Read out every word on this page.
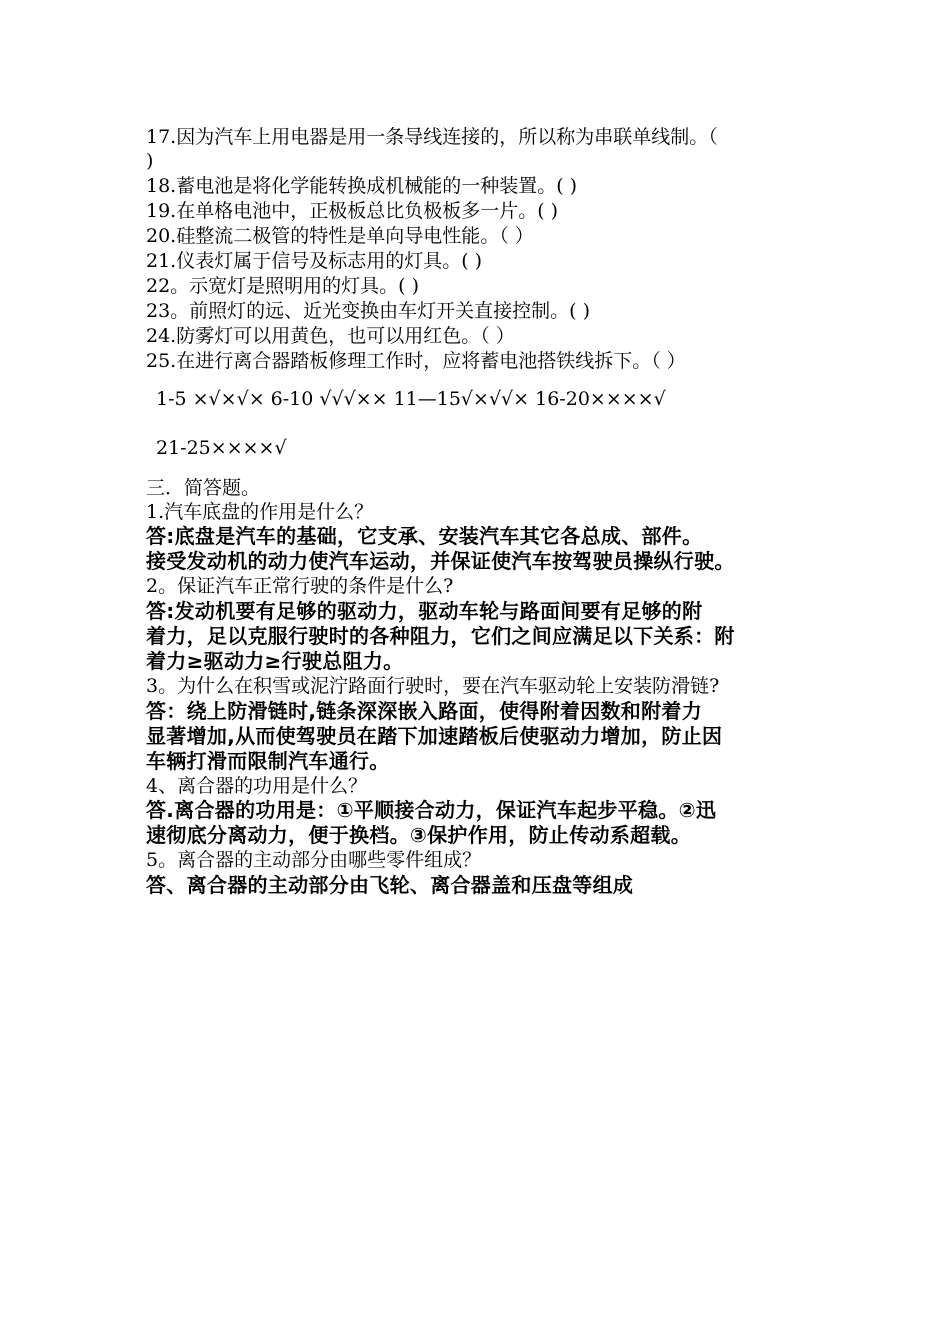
17.因为汽车上用电器是用一条导线连接的，所以称为串联单线制。（
)
18.蓄电池是将化学能转换成机械能的一种装置。( )
19.在单格电池中，正极板总比负极板多一片。( )
20.硅整流二极管的特性是单向导电性能。（ ）
21.仪表灯属于信号及标志用的灯具。( )
22。示宽灯是照明用的灯具。( )
23。前照灯的远、近光变换由车灯开关直接控制。( )
24.防雾灯可以用黄色，也可以用红色。（ ）
25.在进行离合器踏板修理工作时，应将蓄电池搭铁线拆下。（ ）
1-5 ×√×√× 6-10 √√√×× 11—15√×√√× 16-20××××√
21-25××××√
三．简答题。
1.汽车底盘的作用是什么？
答:底盘是汽车的基础，它支承、安装汽车其它各总成、部件。
接受发动机的动力使汽车运动，并保证使汽车按驾驶员操纵行驶。
2。保证汽车正常行驶的条件是什么?
答:发动机要有足够的驱动力，驱动车轮与路面间要有足够的附
着力，足以克服行驶时的各种阻力，它们之间应满足以下关系：附
着力≥驱动力≥行驶总阻力。
3。为什么在积雪或泥泞路面行驶时，要在汽车驱动轮上安装防滑链?
答：绕上防滑链时,链条深深嵌入路面，使得附着因数和附着力
显著增加,从而使驾驶员在踏下加速踏板后使驱动力增加，防止因
车辆打滑而限制汽车通行。
4、离合器的功用是什么？
答.离合器的功用是：①平顺接合动力，保证汽车起步平稳。②迅
速彻底分离动力，便于换档。③保护作用，防止传动系超载。
5。离合器的主动部分由哪些零件组成？
答、离合器的主动部分由飞轮、离合器盖和压盘等组成
